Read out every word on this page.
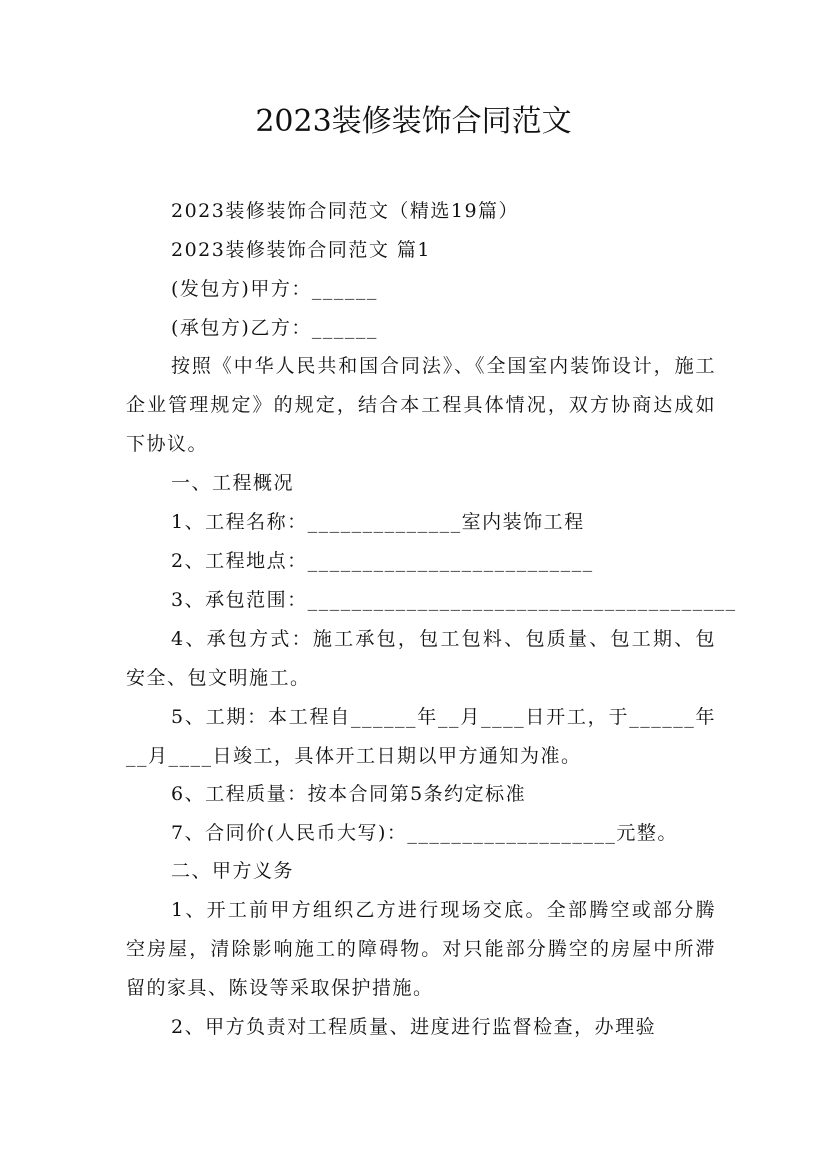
2023装修装饰合同范文
2023装修装饰合同范文（精选19篇）
2023装修装饰合同范文 篇1
(发包方)甲方：______
(承包方)乙方：______
按照《中华人民共和国合同法》、《全国室内装饰设计，施工企业管理规定》的规定，结合本工程具体情况，双方协商达成如下协议。
一、工程概况
1、工程名称：______________室内装饰工程
2、工程地点：__________________________
3、承包范围：_______________________________________
4、承包方式：施工承包，包工包料、包质量、包工期、包安全、包文明施工。
5、工期：本工程自______年__月____日开工，于______年__月____日竣工，具体开工日期以甲方通知为准。
6、工程质量：按本合同第5条约定标准
7、合同价(人民币大写)：___________________元整。
二、甲方义务
1、开工前甲方组织乙方进行现场交底。全部腾空或部分腾空房屋，清除影响施工的障碍物。对只能部分腾空的房屋中所滞留的家具、陈设等采取保护措施。
2、甲方负责对工程质量、进度进行监督检查，办理验
